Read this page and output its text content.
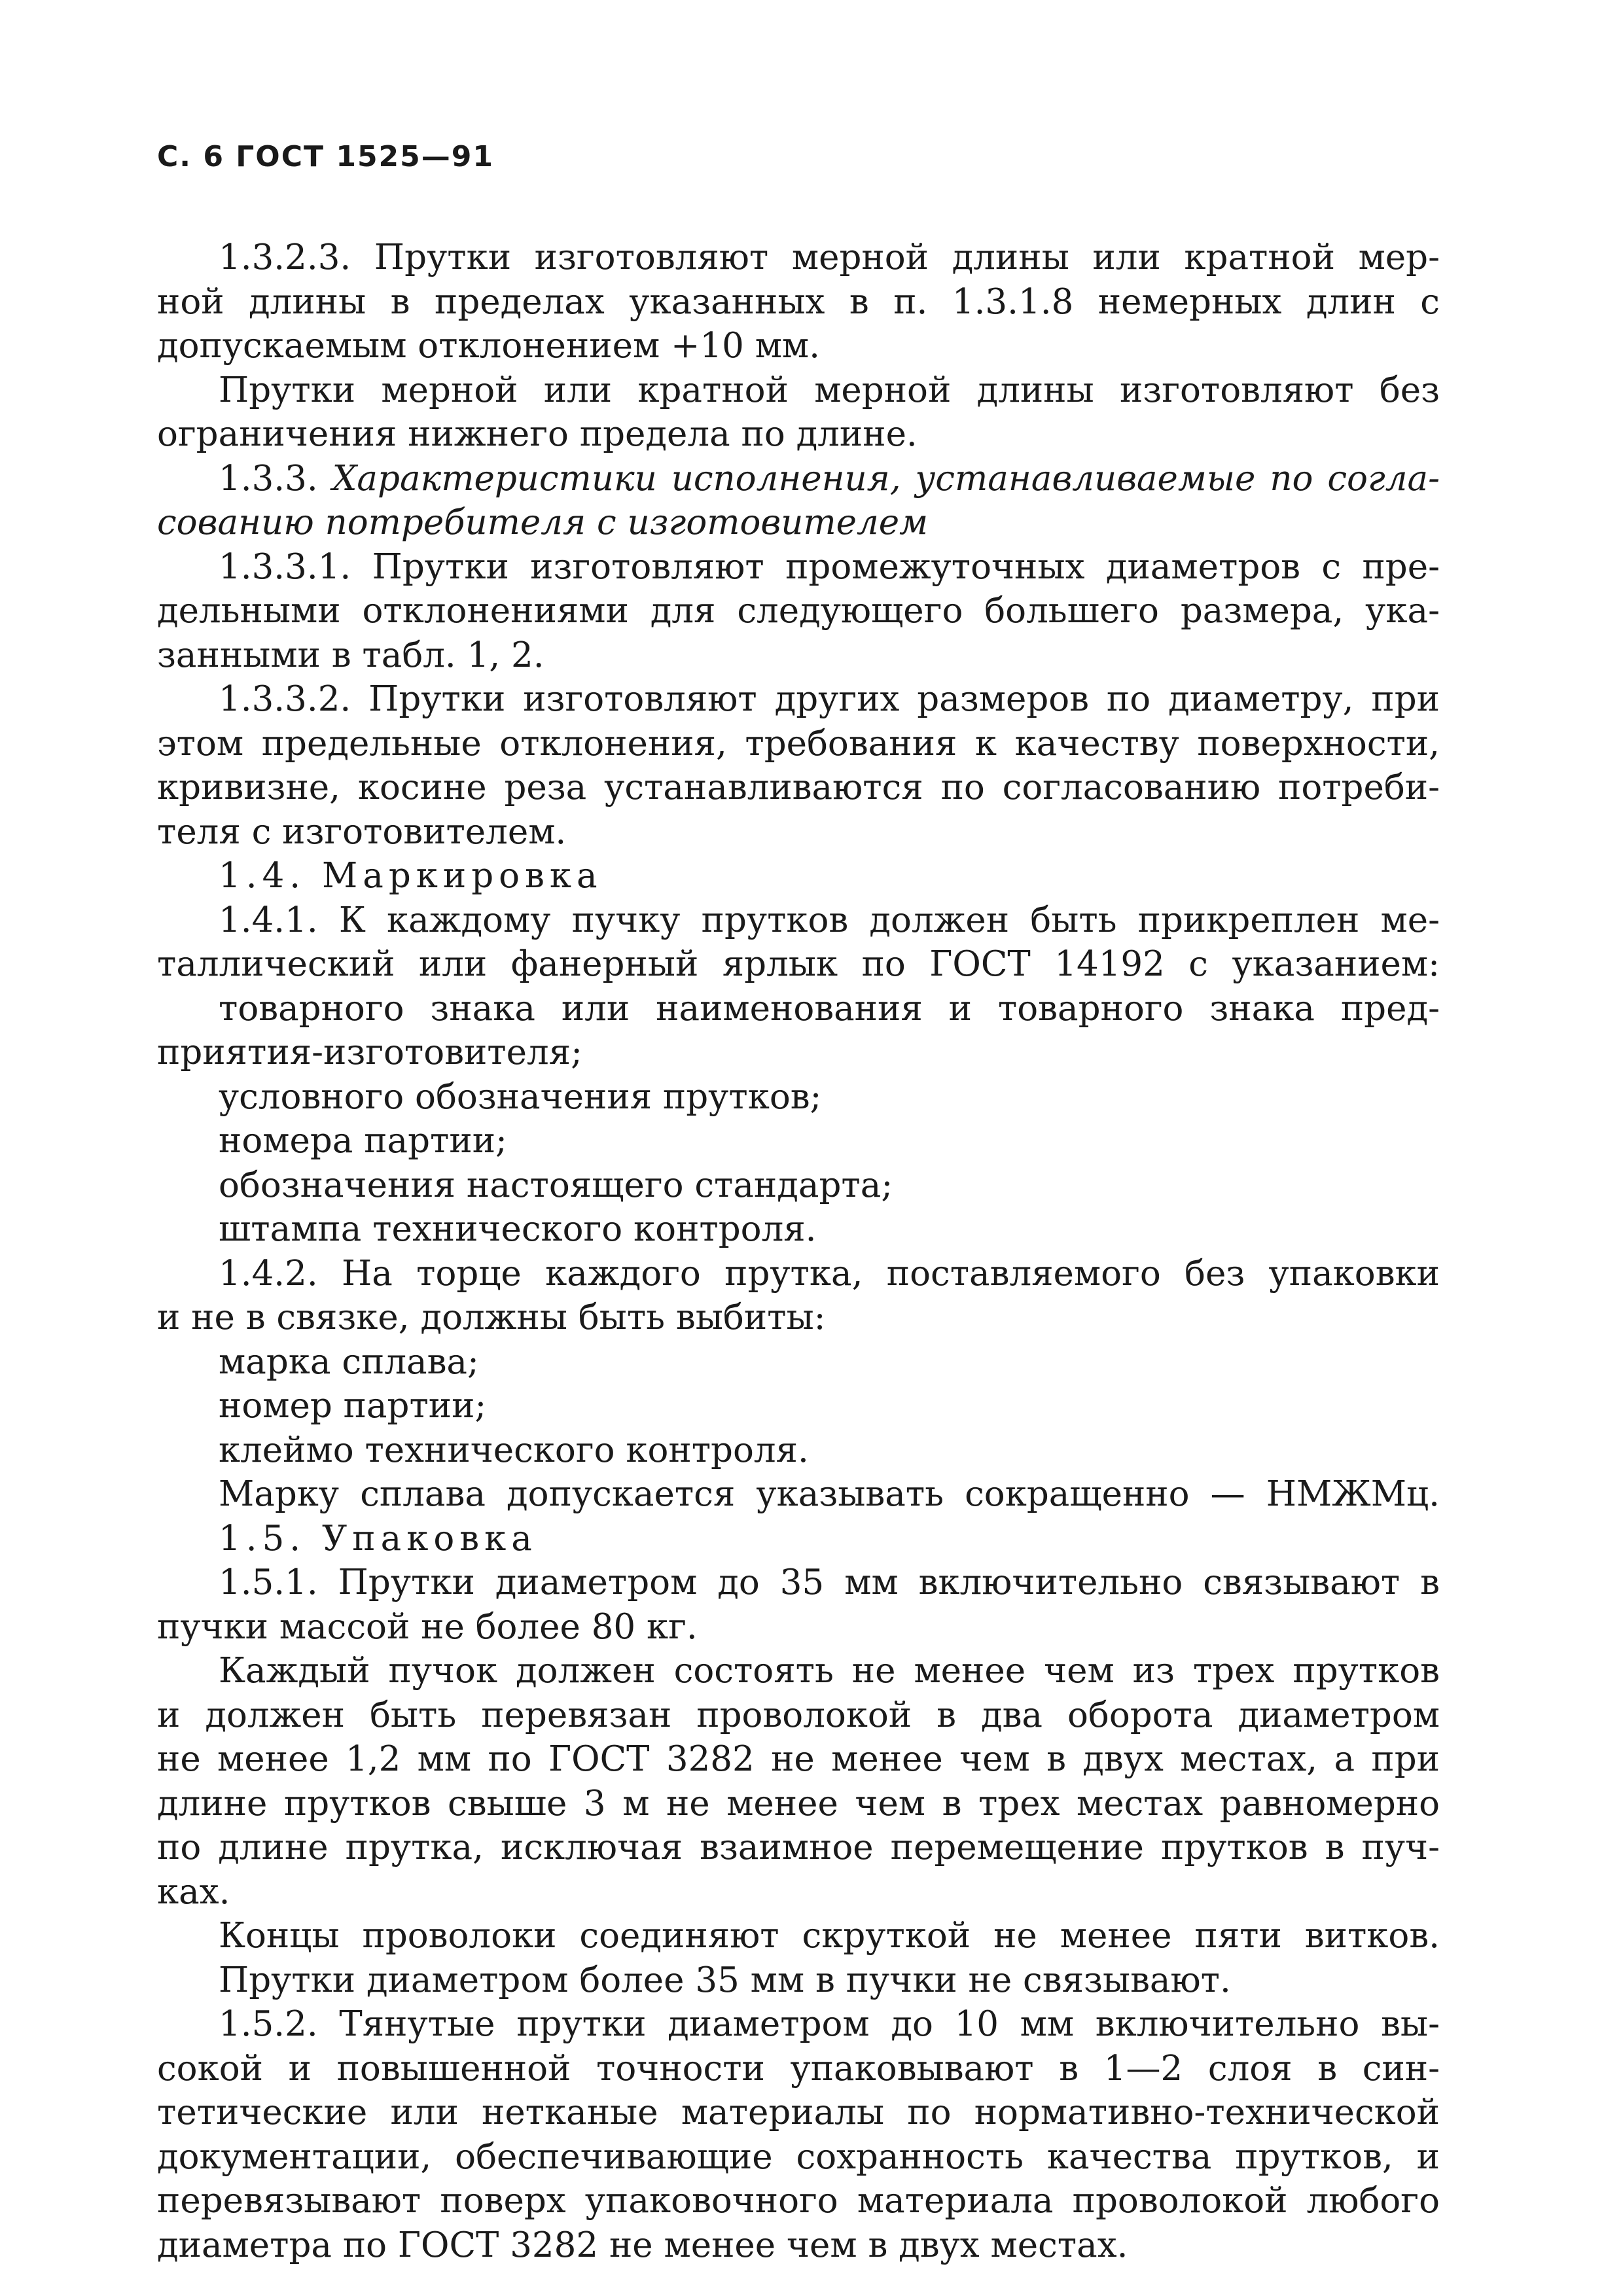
С. 6 ГОСТ 1525—91
1.3.2.3. Прутки изготовляют мерной длины или кратной мер-
ной длины в пределах указанных в п. 1.3.1.8 немерных длин с
допускаемым отклонением +10 мм.
Прутки мерной или кратной мерной длины изготовляют без
ограничения нижнего предела по длине.
1.3.3. Характеристики исполнения, устанавливаемые по согла-
сованию потребителя с изготовителем
1.3.3.1. Прутки изготовляют промежуточных диаметров с пре-
дельными отклонениями для следующего большего размера, ука-
занными в табл. 1, 2.
1.3.3.2. Прутки изготовляют других размеров по диаметру, при
этом предельные отклонения, требования к качеству поверхности,
кривизне, косине реза устанавливаются по согласованию потреби-
теля с изготовителем.
1.4. Маркировка
1.4.1. К каждому пучку прутков должен быть прикреплен ме-
таллический или фанерный ярлык по ГОСТ 14192 с указанием:
товарного знака или наименования и товарного знака пред-
приятия-изготовителя;
условного обозначения прутков;
номера партии;
обозначения настоящего стандарта;
штампа технического контроля.
1.4.2. На торце каждого прутка, поставляемого без упаковки
и не в связке, должны быть выбиты:
марка сплава;
номер партии;
клеймо технического контроля.
Марку сплава допускается указывать сокращенно — НМЖМц.
1.5. Упаковка
1.5.1. Прутки диаметром до 35 мм включительно связывают в
пучки массой не более 80 кг.
Каждый пучок должен состоять не менее чем из трех прутков
и должен быть перевязан проволокой в два оборота диаметром
не менее 1,2 мм по ГОСТ 3282 не менее чем в двух местах, а при
длине прутков свыше 3 м не менее чем в трех местах равномерно
по длине прутка, исключая взаимное перемещение прутков в пуч-
ках.
Концы проволоки соединяют скруткой не менее пяти витков.
Прутки диаметром более 35 мм в пучки не связывают.
1.5.2. Тянутые прутки диаметром до 10 мм включительно вы-
сокой и повышенной точности упаковывают в 1—2 слоя в син-
тетические или нетканые материалы по нормативно-технической
документации, обеспечивающие сохранность качества прутков, и
перевязывают поверх упаковочного материала проволокой любого
диаметра по ГОСТ 3282 не менее чем в двух местах.
